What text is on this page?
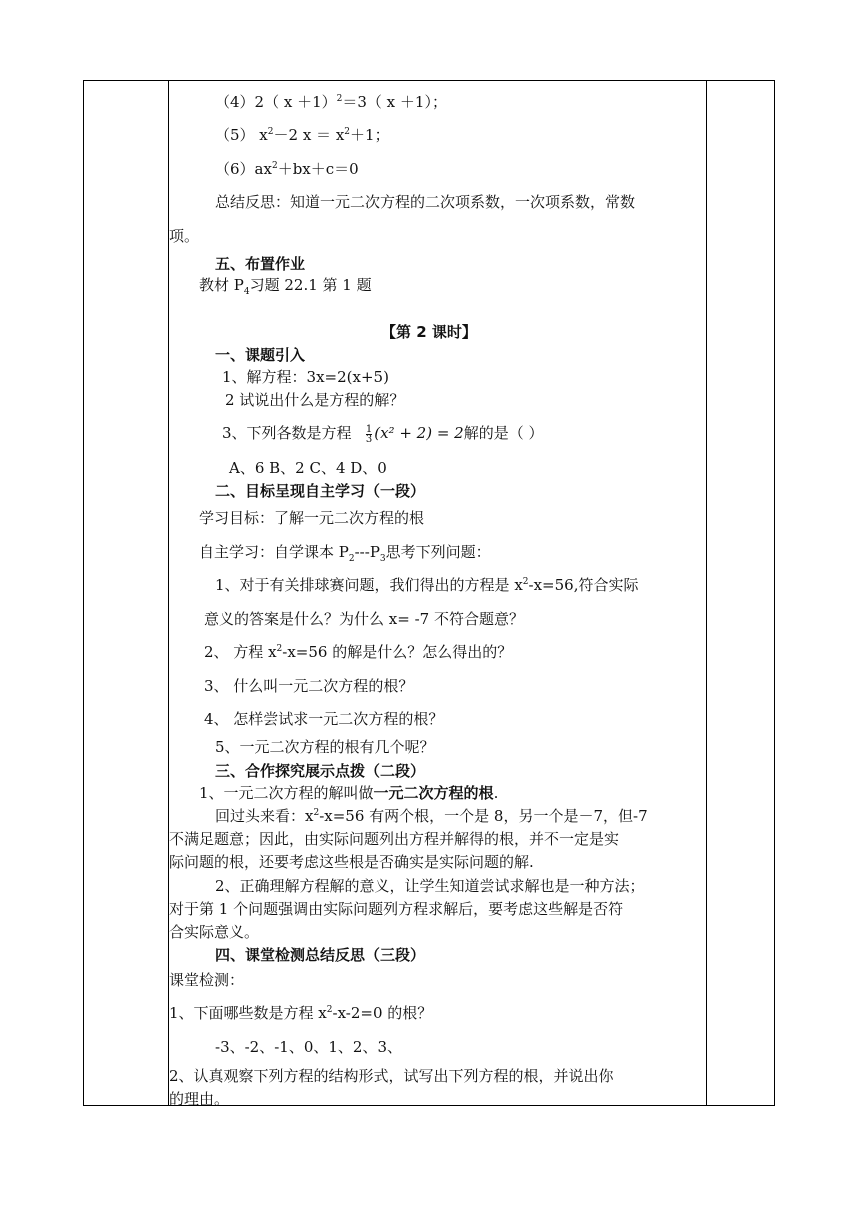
（4）2（ x ＋1）$^2$＝3（ x ＋1）；
（5） $x^2-2$ $x = x^2+1$；
$(6)ax^2+bx+c=0$
总结反思：知道一元二次方程的二次项系数，一次项系数，常数
项。
五、布置作业
教材 $P_4$习题 22.1 第 1 题
【第 2 课时】
一、课题引入
1、解方程：3x=2(x+5)
2 试说出什么是方程的解？
3、下列各数是方程 $\frac{1}{3} (x^2 + 2) = 2$解的是（ ）
A、6 B、2 C、4 D、0
二、目标呈现自主学习（一段）
学习目标：了解一元二次方程的根
自主学习：自学课本 $P_2---P_3$思考下列问题：
1、对于有关排球赛问题，我们得出的方程是 $x^2-x=56$,符合实际
意义的答案是什么？为什么 x= -7 不符合题意？
2、 方程 $x^2-x=56$ 的解是什么？怎么得出的？
3、 什么叫一元二次方程的根？
4、 怎样尝试求一元二次方程的根？
5、一元二次方程的根有几个呢？
三、合作探究展示点拨（二段）
1、一元二次方程的解叫做一元二次方程的根.
回过头来看：$x^2-x=56$ 有两个根，一个是 8，另一个是－7，但-7
不满足题意；因此，由实际问题列出方程并解得的根，并不一定是实
际问题的根，还要考虑这些根是否确实是实际问题的解.
2、正确理解方程解的意义，让学生知道尝试求解也是一种方法；
对于第 1 个问题强调由实际问题列方程求解后，要考虑这些解是否符
合实际意义。
四、课堂检测总结反思（三段）
课堂检测：
1、下面哪些数是方程 $x^2-x-2=0$ 的根？
-3、-2、-1、0、1、2、3、
2、认真观察下列方程的结构形式，试写出下列方程的根，并说出你
的理由。
